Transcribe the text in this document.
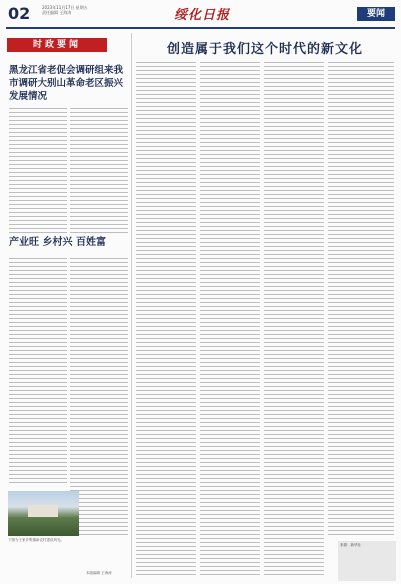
02	2023年11月17日 星期五
责任编辑 王海涛	绥化日报	要闻
时政要闻
黑龙江省老促会调研组来我市调研大别山革命老区振兴发展情况
产业旺 乡村兴 百姓富
下图为王家乡集镇新农村建设风光。
本版编辑 王海涛
创造属于我们这个时代的新文化
来源：新华社
